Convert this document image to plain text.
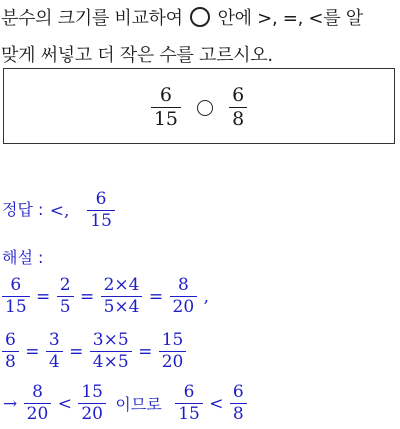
분수의 크기를 비교하여 안에 >, =, <를 알
맞게 써넣고 더 작은 수를 고르시오.
$\frac{6}{15}$
	$\frac{6}{8}$
정답 : <, $\frac{6}{15}$
해설 :
$\frac{6}{15} = \frac{2}{5} = \frac{2\times 4}{5\times 4} = \frac{8}{20}$ ,
$\frac{6}{8} = \frac{3}{4} = \frac{3\times 5}{4\times 5} = \frac{15}{20}$
→ $\frac{8}{20} < \frac{15}{20}$ 이므로 $\frac{6}{15} < \frac{6}{8}$
